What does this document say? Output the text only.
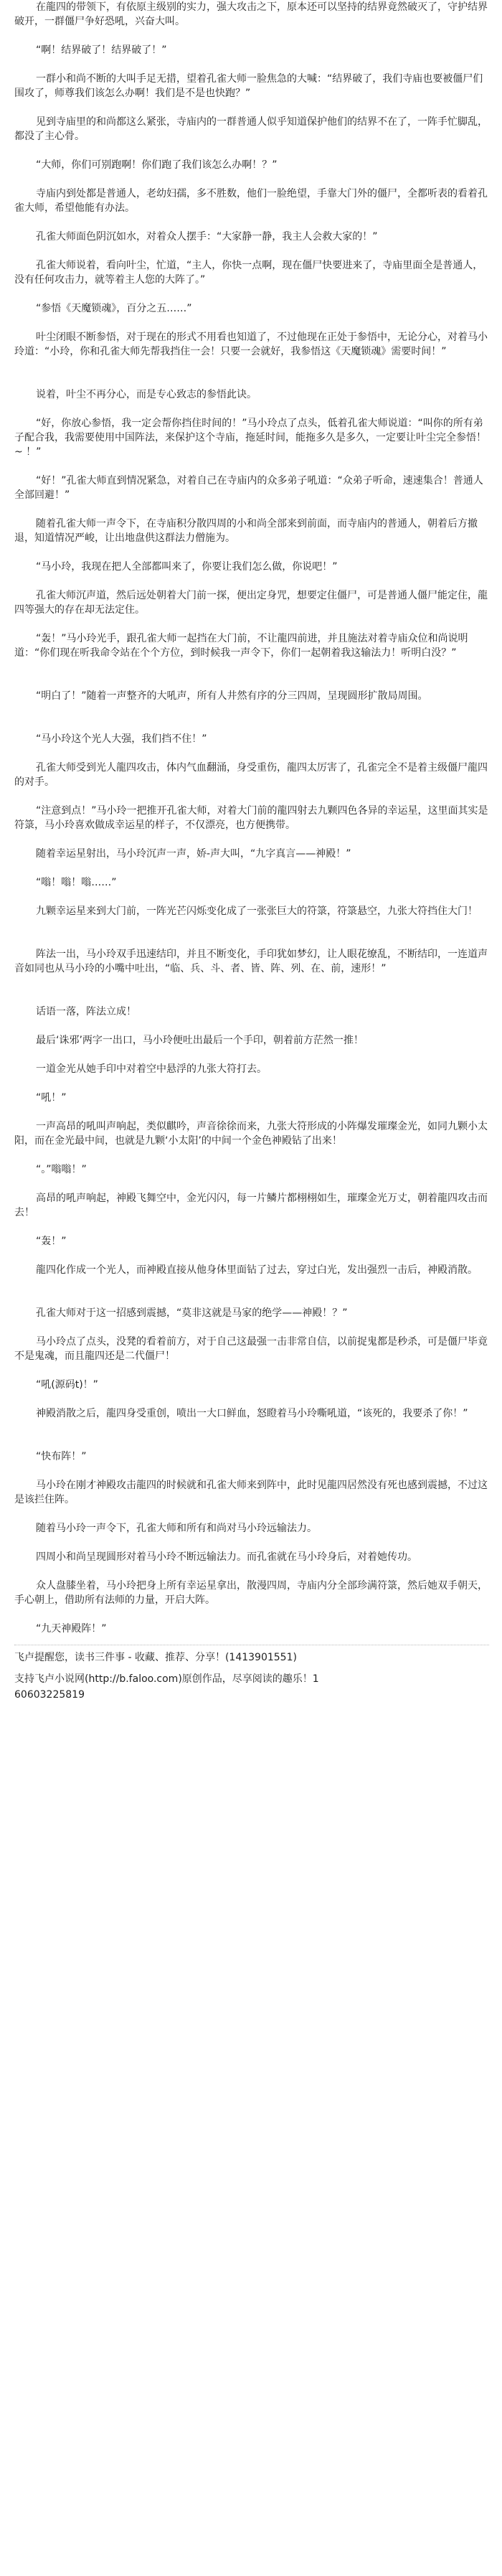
在龍四的带领下，有依原主级别的实力，强大攻击之下，原本还可以坚持的结界竟然破灭了，守护结界破开，一群僵尸争好恐吼，兴奋大叫。

“啊！结界破了！结界破了！”

一群小和尚不断的大叫手足无措，望着孔雀大师一脸焦急的大喊：“结界破了，我们寺庙也要被僵尸们围攻了，师尊我们该怎么办啊！我们是不是也快跑？”

见到寺庙里的和尚都这么紧张，寺庙内的一群普通人似乎知道保护他们的结界不在了，一阵手忙脚乱，都没了主心骨。

“大师，你们可别跑啊！你们跑了我们该怎么办啊！？”

寺庙内到处都是普通人，老幼妇孺，多不胜数，他们一脸绝望，手靠大门外的僵尸，全都听表的看着孔雀大师，希望他能有办法。

孔雀大师面色阴沉如水，对着众人摆手：“大家静一静，我主人会救大家的！”

孔雀大师说着，看向叶尘，忙道，“主人，你快一点啊，现在僵尸快要进来了，寺庙里面全是普通人，没有任何攻击力，就等着主人您的大阵了。”

“参悟《天魔锁魂》，百分之五……”

叶尘闭眼不断参悟，对于现在的形式不用看也知道了，不过他现在正处于参悟中，无论分心，对着马小玲道：“小玲，你和孔雀大师先帮我挡住一会！只要一会就好，我参悟这《天魔锁魂》需要时间！”

说着，叶尘不再分心，而是专心致志的参悟此诀。

“好，你放心参悟，我一定会帮你挡住时间的！”马小玲点了点头，低着孔雀大师说道：“叫你的所有弟子配合我，我需要使用中国阵法，来保护这个寺庙，拖延时间，能拖多久是多久，一定要让叶尘完全参悟！ ~ ！”

“好！”孔雀大师直到情况紧急，对着自己在寺庙内的众多弟子吼道：“众弟子听命，速速集合！普通人全部回避！”

随着孔雀大师一声令下，在寺庙积分散四周的小和尚全部来到前面，而寺庙内的普通人，朝着后方撤退，知道情况严峻，让出地盘供这群法力僧施为。

“马小玲，我现在把人全部都叫来了，你要让我们怎么做，你说吧！”

孔雀大师沉声道，然后远处朝着大门前一探，便出定身咒，想要定住僵尸，可是普通人僵尸能定住，龍四等强大的存在却无法定住。

“轰！”马小玲光手，跟孔雀大师一起挡在大门前，不让龍四前进，并且施法对着寺庙众位和尚说明道：“你们现在听我命令站在个个方位，到时候我一声令下，你们一起朝着我这输法力！听明白没？”

“明白了！”随着一声整齐的大吼声，所有人井然有序的分三四周，呈现圆形扩散局周围。

“马小玲这个光人大强，我们挡不住！”

孔雀大师受到光人龍四攻击，体内气血翻涌，身受重伤，龍四太厉害了，孔雀完全不是着主级僵尸龍四的对手。

“注意到点！”马小玲一把推开孔雀大师，对着大门前的龍四射去九颗四色各异的幸运星，这里面其实是符箓，马小玲喜欢做成幸运星的样子，不仅漂亮，也方便携带。

随着幸运星射出，马小玲沉声一声，娇-声大叫，“九字真言——神殿！”

“嗡！嗡！嗡……”

九颗幸运星来到大门前，一阵光芒闪烁变化成了一张张巨大的符箓，符箓悬空，九张大符挡住大门！

阵法一出，马小玲双手迅速结印，并且不断变化，手印犹如梦幻，让人眼花缭乱，不断结印，一连道声音如同也从马小玲的小嘴中吐出，“临、兵、斗、者、皆、阵、列、在、前，速形！”

话语一落，阵法立成！

最后‘诛邪’两字一出口，马小玲便吐出最后一个手印，朝着前方茫然一推！

一道金光从她手印中对着空中悬浮的九张大符打去。

“吼！”

一声高昂的吼叫声响起，类似麒吟，声音徐徐而来，九张大符形成的小阵爆发璀璨金光，如同九颗小太阳，而在金光最中间，也就是九颗‘小太阳’的中间一个金色神殿钻了出来！

“。”嗡嗡！”

高昂的吼声响起，神殿飞舞空中，金光闪闪，每一片鳞片都栩栩如生，璀璨金光万丈，朝着龍四攻击而去！

“轰！”

龍四化作成一个光人，而神殿直接从他身体里面钻了过去，穿过白光，发出强烈一击后，神殿消散。

孔雀大师对于这一招感到震撼，“莫非这就是马家的绝学——神殿！？”

马小玲点了点头，没凳的看着前方，对于自己这最强一击非常自信，以前捉鬼都是秒杀，可是僵尸毕竟不是鬼魂，而且龍四还是二代僵尸！

“吼(源码t)！”

神殿消散之后，龍四身受重创，喷出一大口鲜血，怒瞪着马小玲嘶吼道，“该死的，我要杀了你！”

“快布阵！”

马小玲在刚才神殿攻击龍四的时候就和孔雀大师来到阵中，此时见龍四居然没有死也感到震撼，不过这是该拦住阵。

随着马小玲一声令下，孔雀大师和所有和尚对马小玲远输法力。

四周小和尚呈现圆形对着马小玲不断远输法力。而孔雀就在马小玲身后，对着她传功。

众人盘膝坐着，马小玲把身上所有幸运星拿出，散漫四周，寺庙内分全部珍满符箓，然后她双手朝天，手心朝上，借助所有法师的力量，开启大阵。

“九天神殿阵！”

飞卢提醒您，读书三件事 - 收藏、推荐、分享！(1413901551)

支持飞卢小说网(http://b.faloo.com)原创作品，尽享阅读的趣乐！1

60603225819
